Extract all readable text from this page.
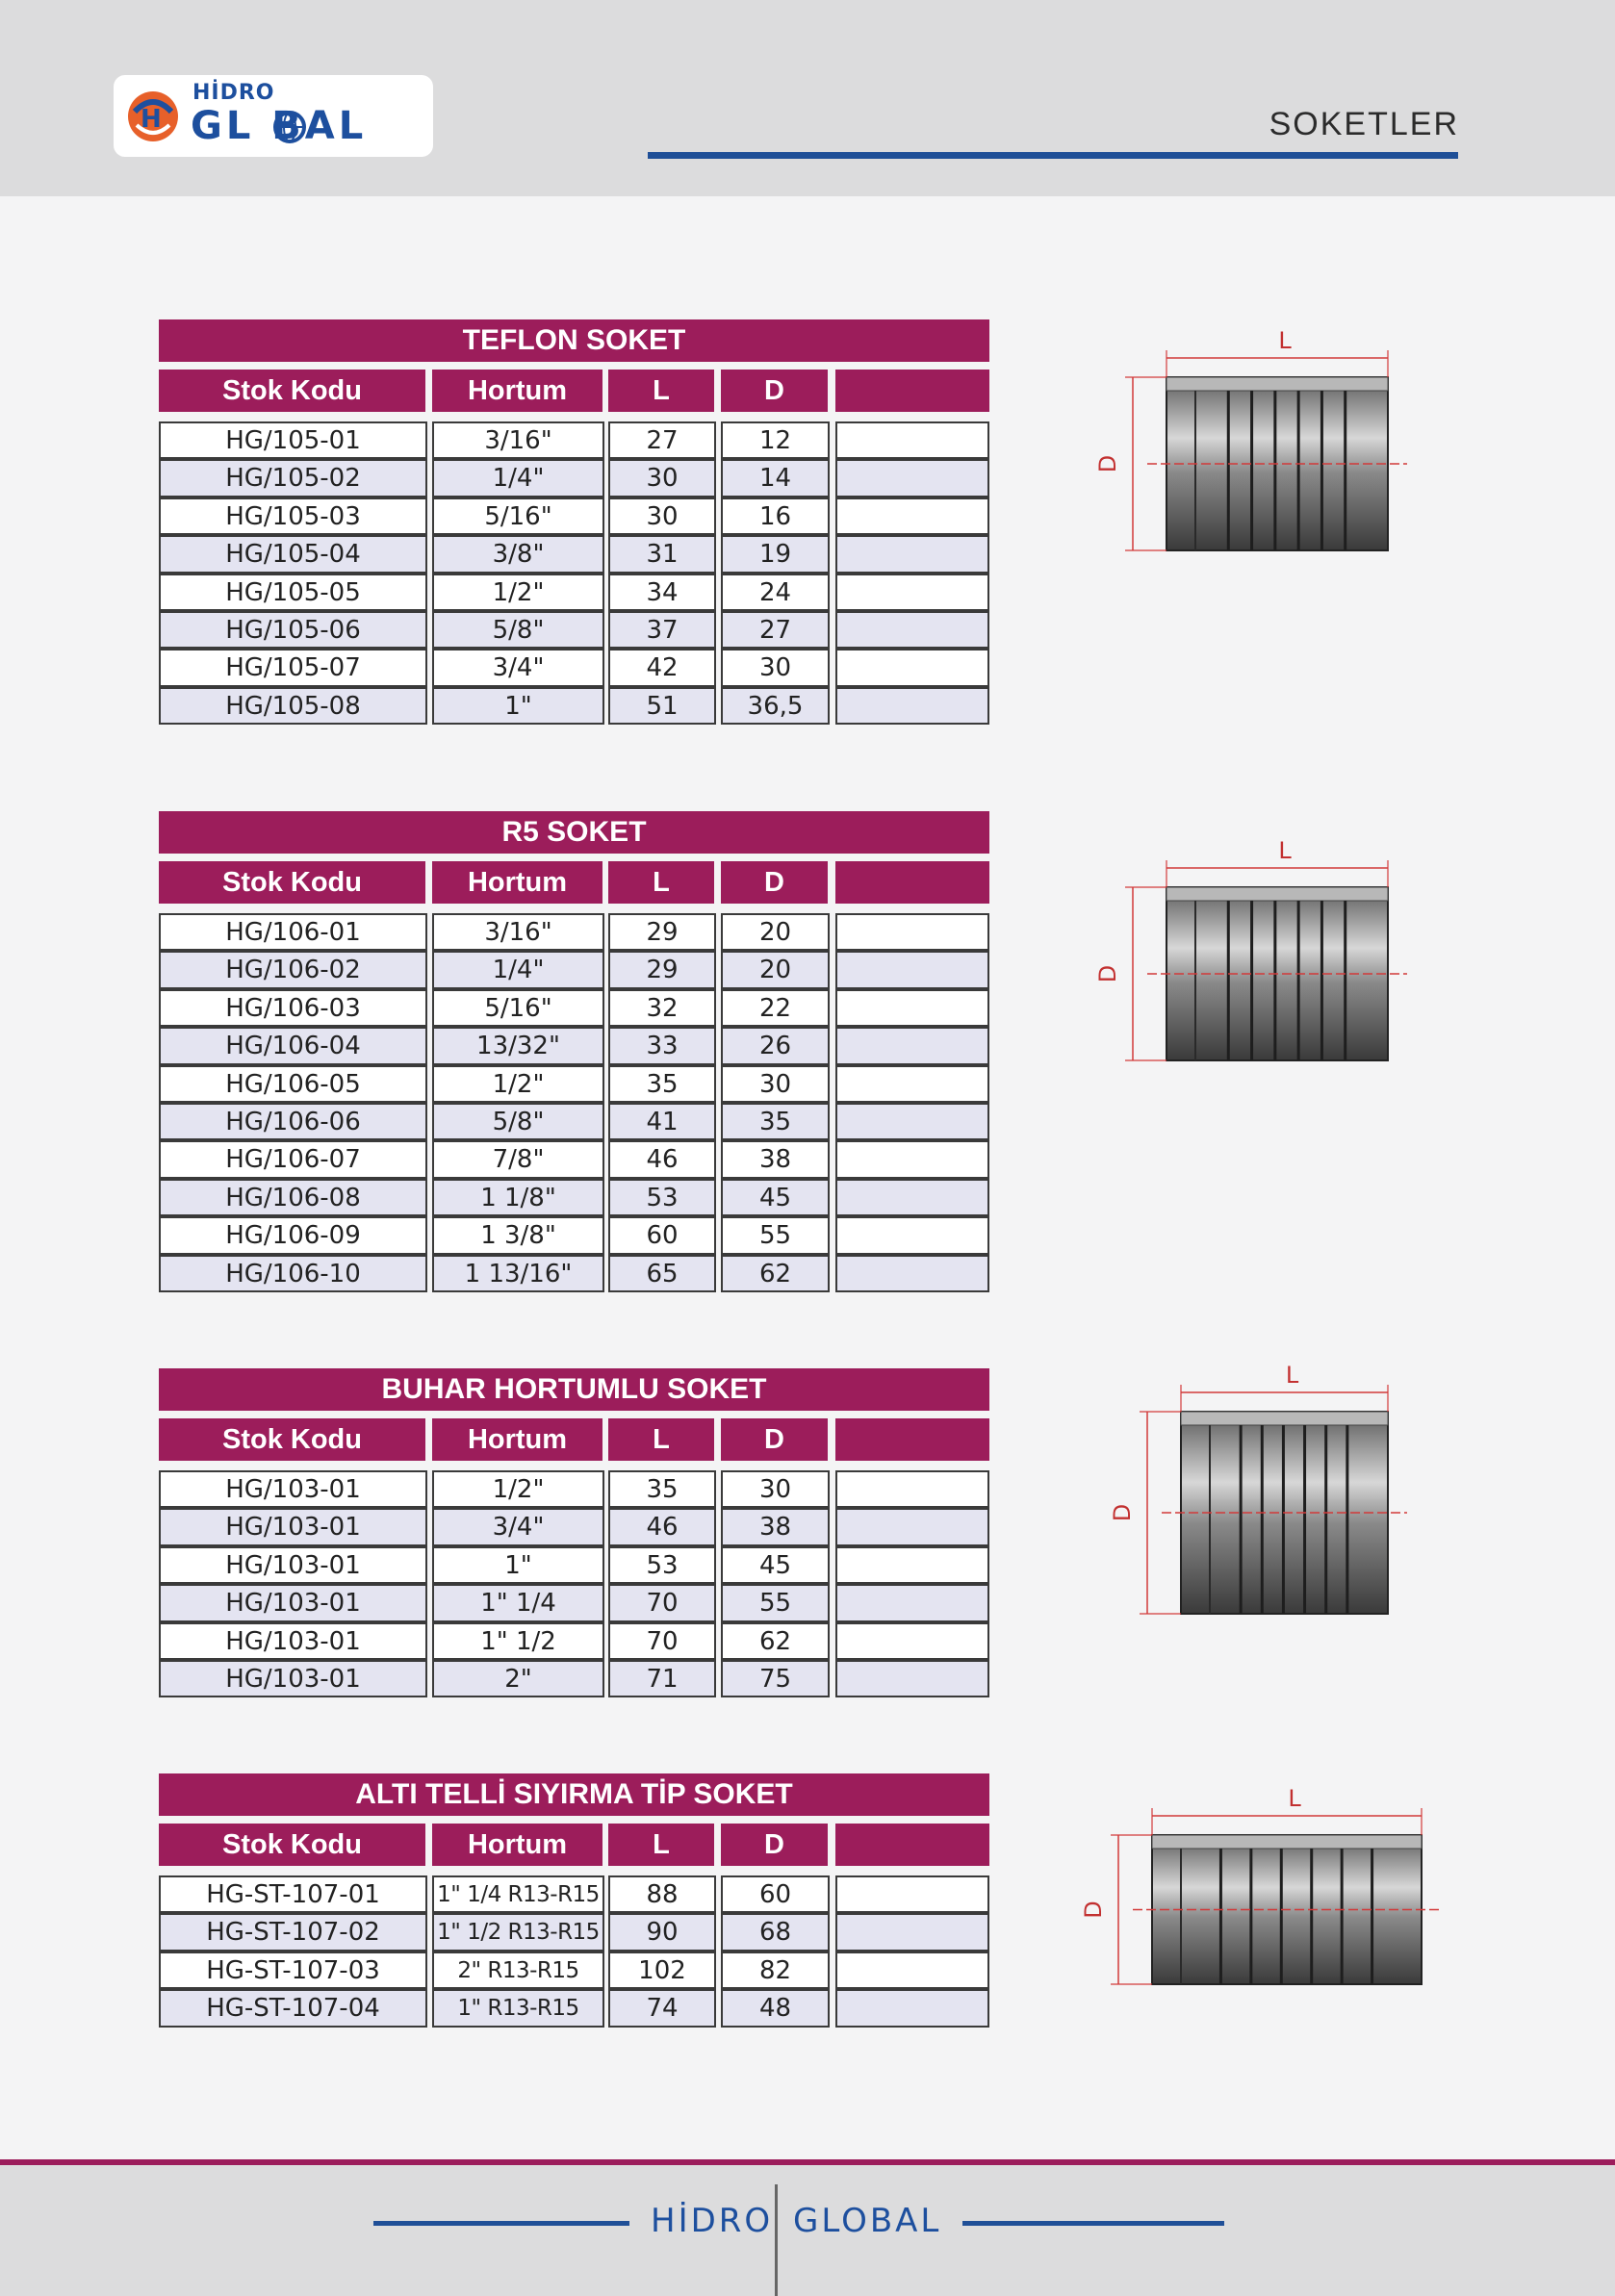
H
HİDRO
GL BAL	SOKETLER
TEFLON SOKET
Stok Kodu	Hortum	L	D
HG/105-01	3/16"	27	12
HG/105-02	1/4"	30	14
HG/105-03	5/16"	30	16
HG/105-04	3/8"	31	19
HG/105-05	1/2"	34	24
HG/105-06	5/8"	37	27
HG/105-07	3/4"	42	30
HG/105-08	1"	51	36,5
R5 SOKET
Stok Kodu	Hortum	L	D
HG/106-01	3/16"	29	20
HG/106-02	1/4"	29	20
HG/106-03	5/16"	32	22
HG/106-04	13/32"	33	26
HG/106-05	1/2"	35	30
HG/106-06	5/8"	41	35
HG/106-07	7/8"	46	38
HG/106-08	1 1/8"	53	45
HG/106-09	1 3/8"	60	55
HG/106-10	1 13/16"	65	62
BUHAR HORTUMLU SOKET
Stok Kodu	Hortum	L	D
HG/103-01	1/2"	35	30
HG/103-01	3/4"	46	38
HG/103-01	1"	53	45
HG/103-01	1" 1/4	70	55
HG/103-01	1" 1/2	70	62
HG/103-01	2"	71	75
ALTI TELLİ SIYIRMA TİP SOKET
Stok Kodu	Hortum	L	D
HG-ST-107-01	1" 1/4 R13-R15	88	60
HG-ST-107-02	1" 1/2 R13-R15	90	68
HG-ST-107-03	2" R13-R15	102	82
HG-ST-107-04	1" R13-R15	74	48
L
D
L
D
L
D
L
D
HİDRO GLOBAL
